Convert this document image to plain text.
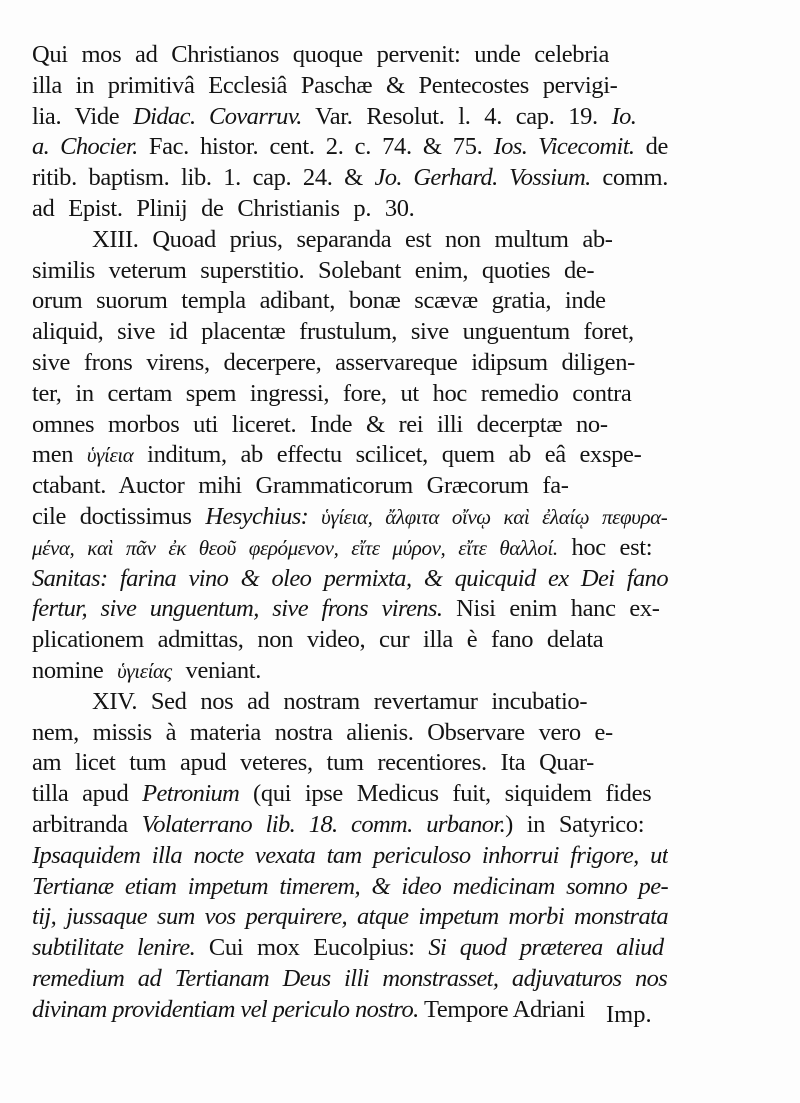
Qui mos ad Christianos quoque pervenit: unde celebria
illa in primitivâ Ecclesiâ Paschæ & Pentecostes pervigi-
lia. Vide Didac. Covarruv. Var. Resolut. l. 4. cap. 19. Io.
a. Chocier. Fac. histor. cent. 2. c. 74. & 75. Ios. Vicecomit. de
ritib. baptism. lib. 1. cap. 24. & Jo. Gerhard. Vossium. comm.
ad Epist. Plinij de Christianis p. 30.
XIII. Quoad prius, separanda est non multum ab-
similis veterum superstitio. Solebant enim, quoties de-
orum suorum templa adibant, bonæ scævæ gratia, inde
aliquid, sive id placentæ frustulum, sive unguentum foret,
sive frons virens, decerpere, asservareque idipsum diligen-
ter, in certam spem ingressi, fore, ut hoc remedio contra
omnes morbos uti liceret. Inde & rei illi decerptæ no-
men ὑγίεια inditum, ab effectu scilicet, quem ab eâ exspe-
ctabant. Auctor mihi Grammaticorum Græcorum fa-
cile doctissimus Hesychius: ὑγίεια, ἄλφιτα οἴνῳ καὶ ἐλαίῳ πεφυρα-
μένα, καὶ πᾶν ἐκ θεοῦ φερόμενον, εἴτε μύρον, εἴτε θαλλοί. hoc est:
Sanitas: farina vino & oleo permixta, & quicquid ex Dei fano
fertur, sive unguentum, sive frons virens. Nisi enim hanc ex-
plicationem admittas, non video, cur illa è fano delata
nomine ὑγιείας veniant.
XIV. Sed nos ad nostram revertamur incubatio-
nem, missis à materia nostra alienis. Observare vero e-
am licet tum apud veteres, tum recentiores. Ita Quar-
tilla apud Petronium (qui ipse Medicus fuit, siquidem fides
arbitranda Volaterrano lib. 18. comm. urbanor.) in Satyrico:
Ipsaquidem illa nocte vexata tam periculoso inhorrui frigore, ut
Tertianæ etiam impetum timerem, & ideo medicinam somno pe-
tij, jussaque sum vos perquirere, atque impetum morbi monstrata
subtilitate lenire. Cui mox Eucolpius: Si quod præterea aliud
remedium ad Tertianam Deus illi monstrasset, adjuvaturos nos
divinam providentiam vel periculo nostro. Tempore Adriani Imp.
